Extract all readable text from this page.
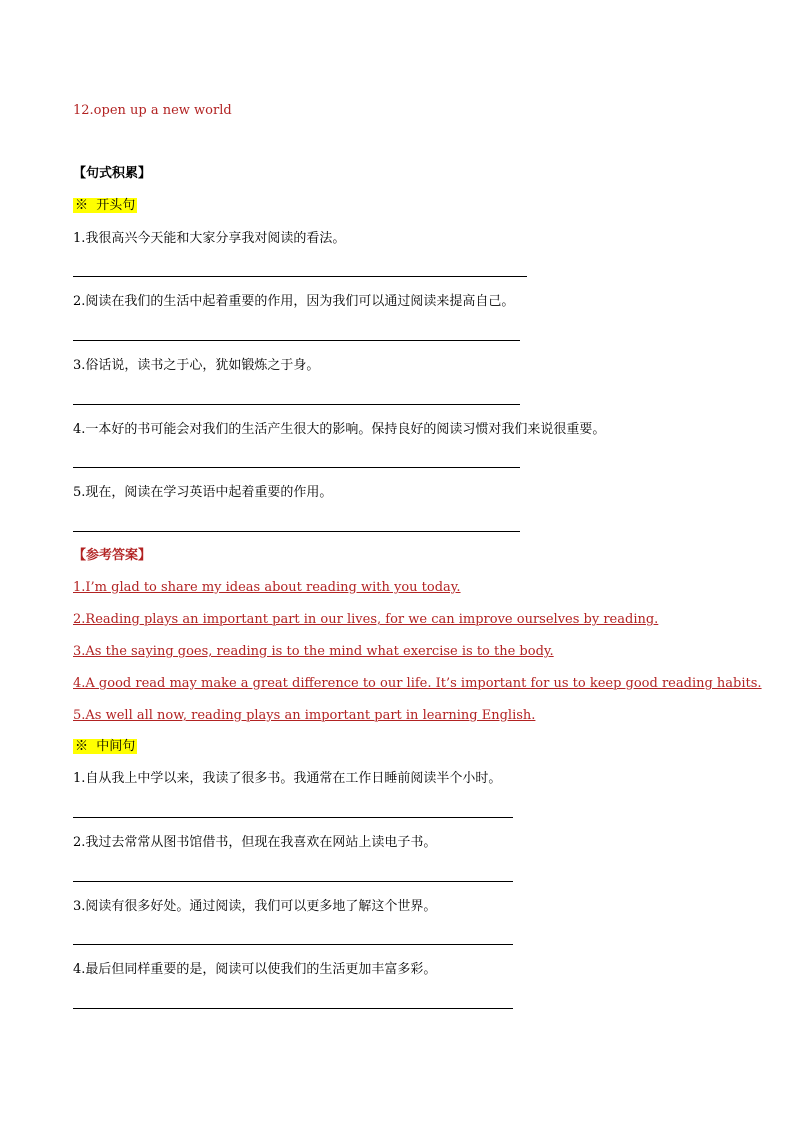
12.open up a new world
【句式积累】
※ 开头句
1.我很高兴今天能和大家分享我对阅读的看法。
2.阅读在我们的生活中起着重要的作用，因为我们可以通过阅读来提高自己。
3.俗话说，读书之于心，犹如锻炼之于身。
4.一本好的书可能会对我们的生活产生很大的影响。保持良好的阅读习惯对我们来说很重要。
5.现在，阅读在学习英语中起着重要的作用。
【参考答案】
1.I’m glad to share my ideas about reading with you today.
2.Reading plays an important part in our lives, for we can improve ourselves by reading.
3.As the saying goes, reading is to the mind what exercise is to the body.
4.A good read may make a great difference to our life. It’s important for us to keep good reading habits.
5.As well all now, reading plays an important part in learning English.
※ 中间句
1.自从我上中学以来，我读了很多书。我通常在工作日睡前阅读半个小时。
2.我过去常常从图书馆借书，但现在我喜欢在网站上读电子书。
3.阅读有很多好处。通过阅读，我们可以更多地了解这个世界。
4.最后但同样重要的是，阅读可以使我们的生活更加丰富多彩。
